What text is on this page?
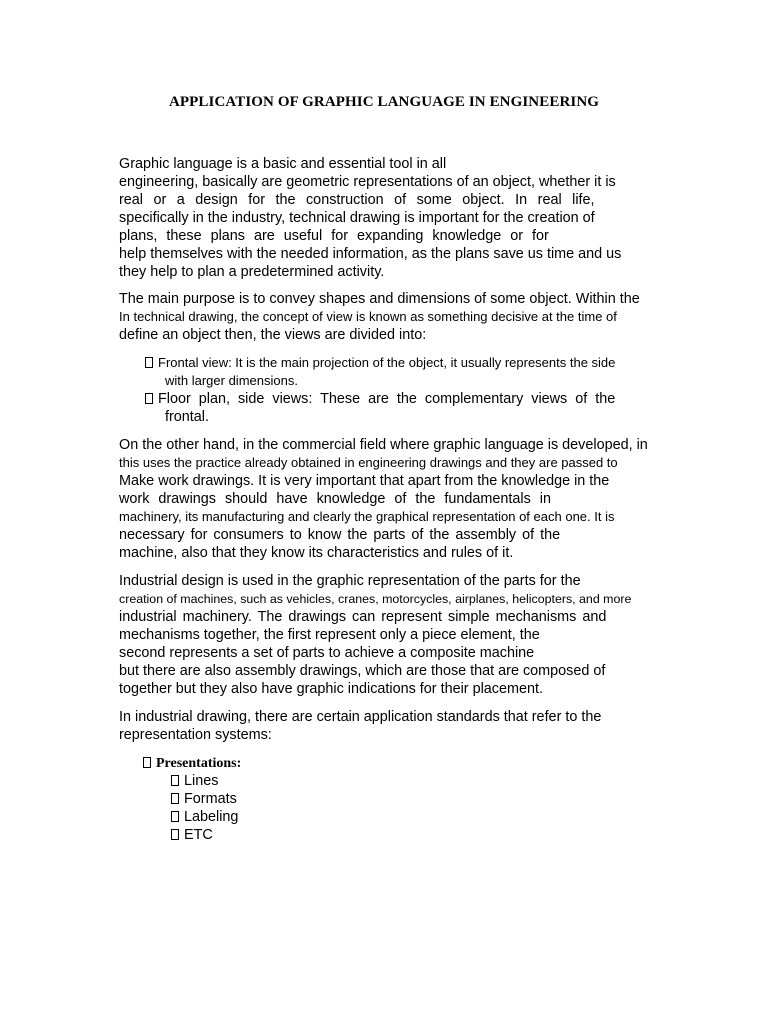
APPLICATION OF GRAPHIC LANGUAGE IN ENGINEERING
Graphic language is a basic and essential tool in all
engineering, basically are geometric representations of an object, whether it is
real or a design for the construction of some object. In real life,
specifically in the industry, technical drawing is important for the creation of
plans, these plans are useful for expanding knowledge or for
help themselves with the needed information, as the plans save us time and us
they help to plan a predetermined activity.
The main purpose is to convey shapes and dimensions of some object. Within the
In technical drawing, the concept of view is known as something decisive at the time of
define an object then, the views are divided into:
Frontal view: It is the main projection of the object, it usually represents the side
with larger dimensions.
Floor plan, side views: These are the complementary views of the
frontal.
On the other hand, in the commercial field where graphic language is developed, in
this uses the practice already obtained in engineering drawings and they are passed to
Make work drawings. It is very important that apart from the knowledge in the
work drawings should have knowledge of the fundamentals in
machinery, its manufacturing and clearly the graphical representation of each one. It is
necessary for consumers to know the parts of the assembly of the
machine, also that they know its characteristics and rules of it.
Industrial design is used in the graphic representation of the parts for the
creation of machines, such as vehicles, cranes, motorcycles, airplanes, helicopters, and more
industrial machinery. The drawings can represent simple mechanisms and
mechanisms together, the first represent only a piece element, the
second represents a set of parts to achieve a composite machine
but there are also assembly drawings, which are those that are composed of
together but they also have graphic indications for their placement.
In industrial drawing, there are certain application standards that refer to the
representation systems:
Presentations:
Lines
Formats
Labeling
ETC
